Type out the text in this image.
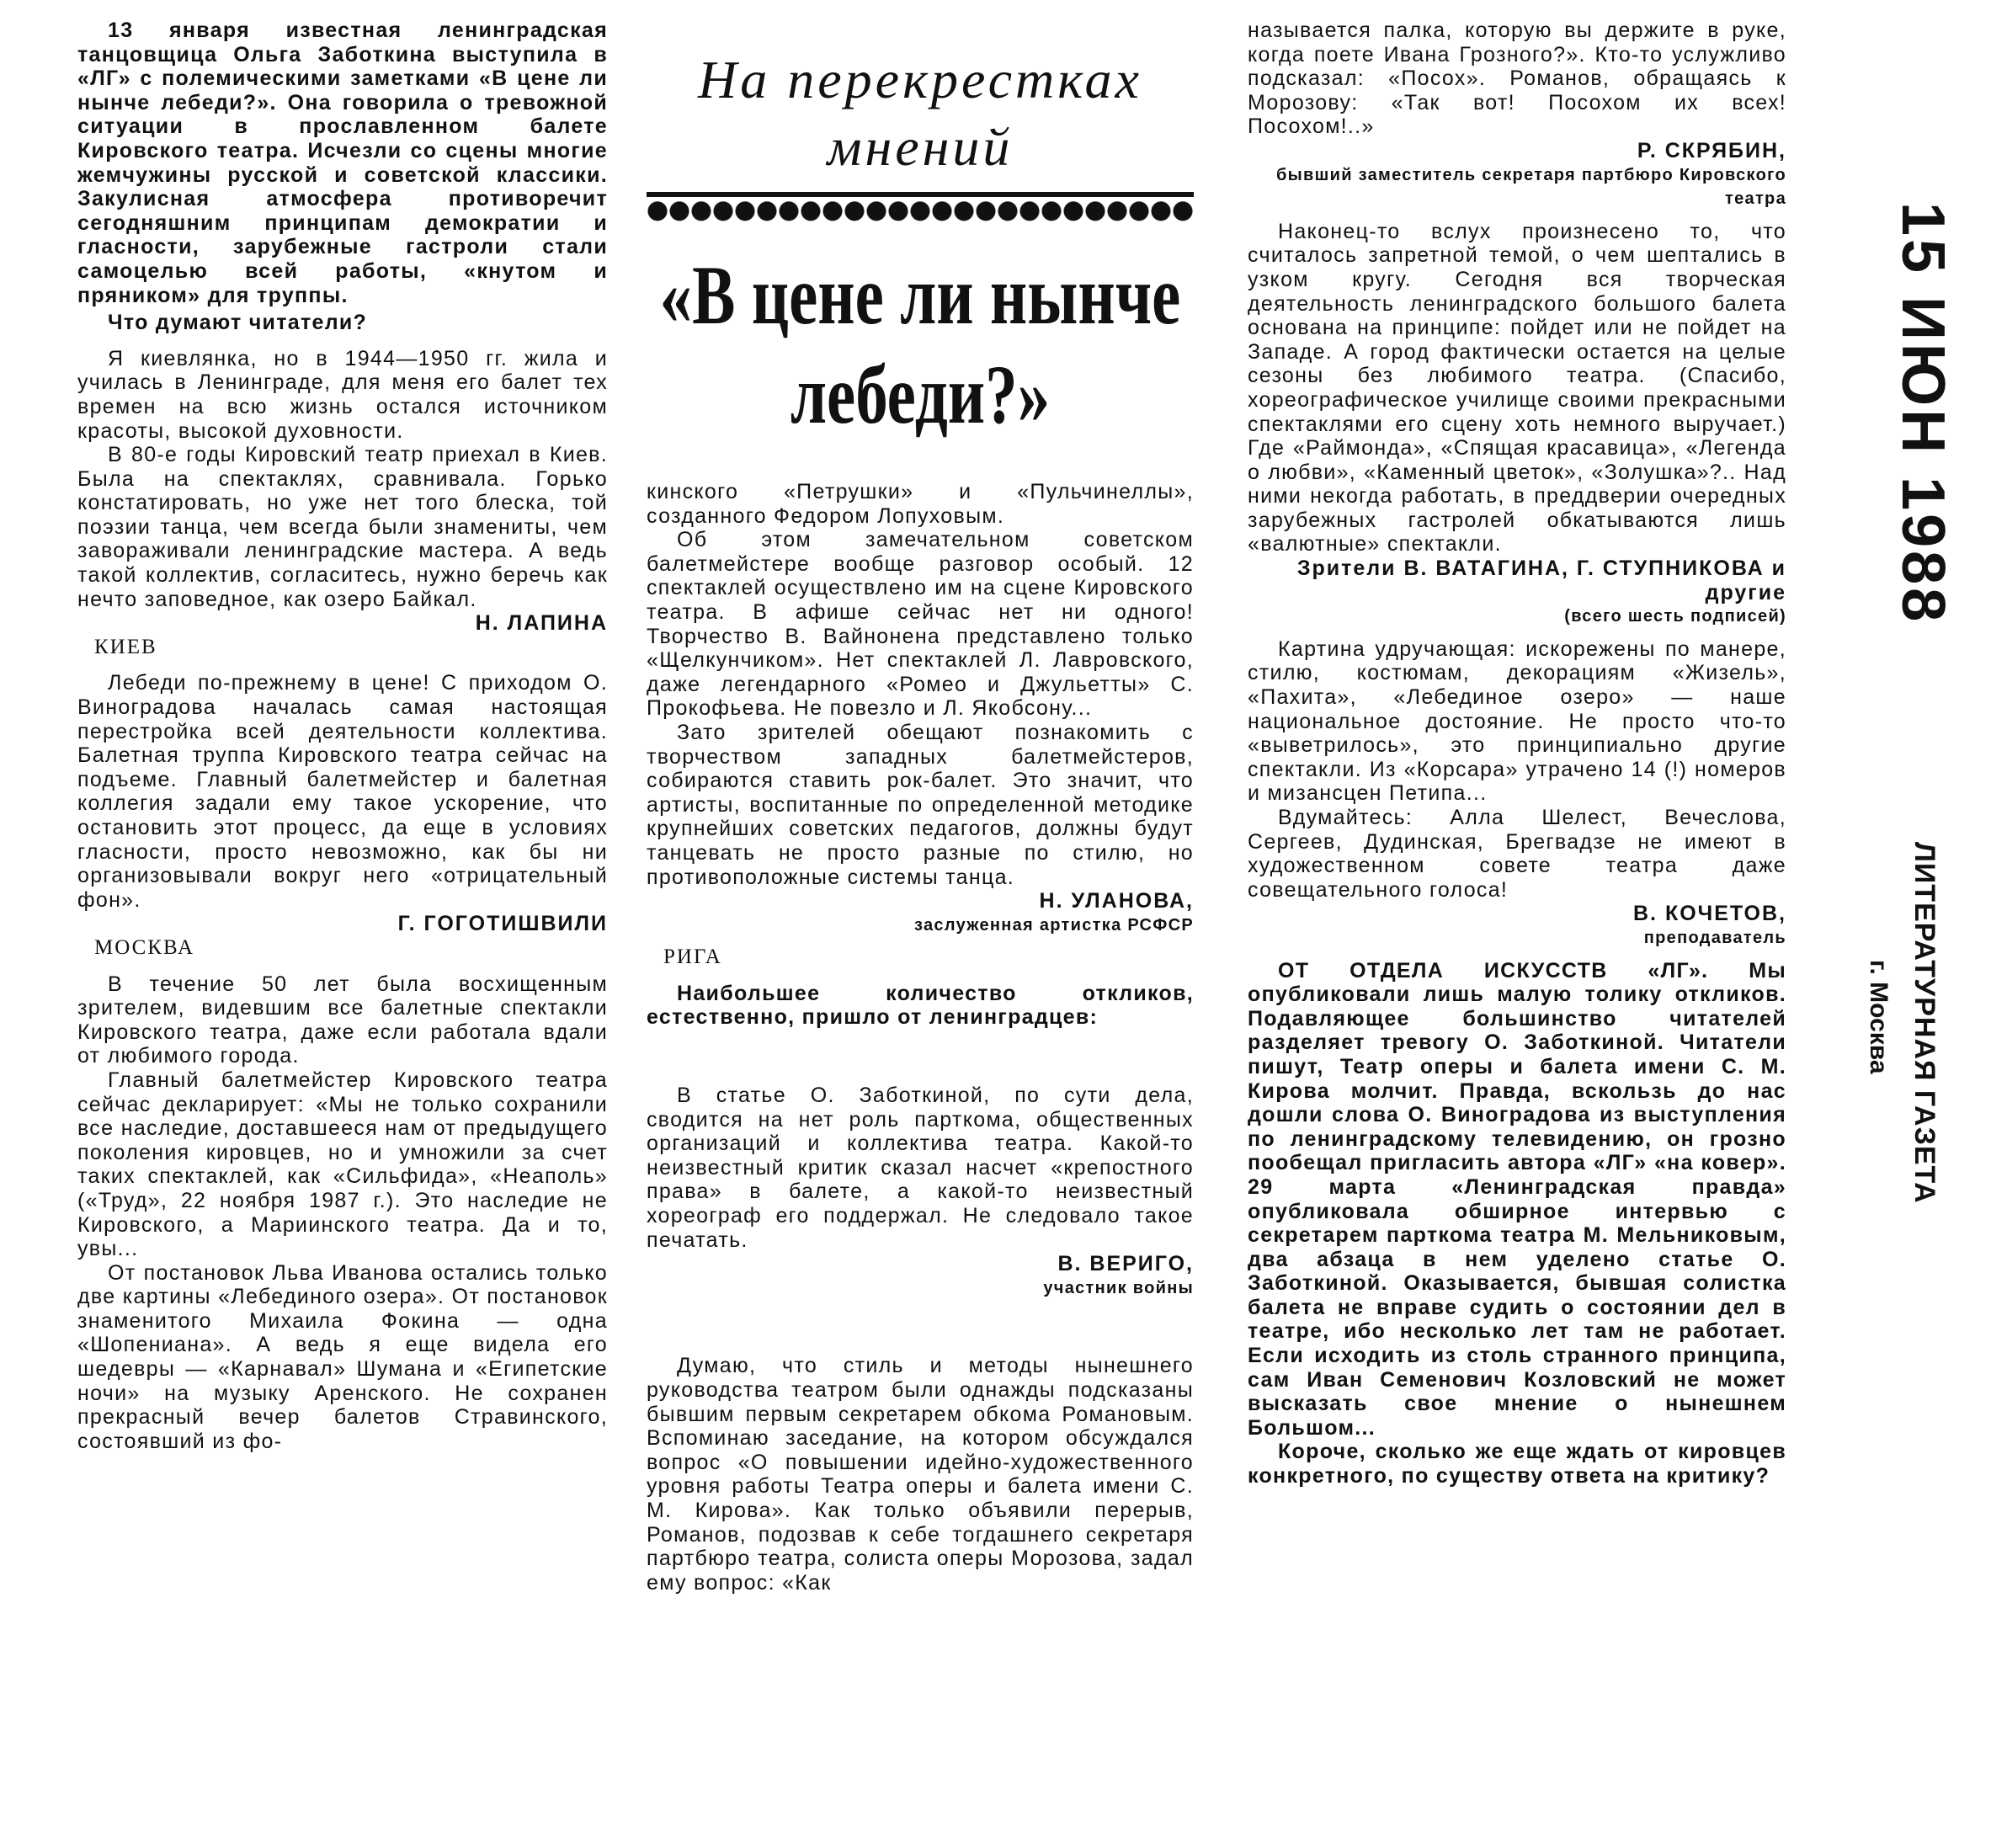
На перекрестках мнений
«В цене ли нынче лебеди?»

13 января известная ленинградская танцовщица Ольга Заботкина выступила в «ЛГ» с полемическими заметками «В цене ли нынче лебеди?». Она говорила о тревожной ситуации в прославленном балете Кировского театра. Исчезли со сцены многие жемчужины русской и советской классики. Закулисная атмосфера противоречит сегодняшним принципам демократии и гласности, зарубежные гастроли стали самоцелью всей работы, «кнутом и пряником» для труппы.

Что думают читатели?

Я киевлянка, но в 1944—1950 гг. жила и училась в Ленинграде, для меня его балет тех времен на всю жизнь остался источником красоты, высокой духовности.

В 80-е годы Кировский театр приехал в Киев. Была на спектаклях, сравнивала. Горько констатировать, но уже нет того блеска, той поэзии танца, чем всегда были знамениты, чем завораживали ленинградские мастера. А ведь такой коллектив, согласитесь, нужно беречь как нечто заповедное, как озеро Байкал.

Н. ЛАПИНА

КИЕВ

Лебеди по-прежнему в цене! С приходом О. Виноградова началась самая настоящая перестройка всей деятельности коллектива. Балетная труппа Кировского театра сейчас на подъеме. Главный балетмейстер и балетная коллегия задали ему такое ускорение, что остановить этот процесс, да еще в условиях гласности, просто невозможно, как бы ни организовывали вокруг него «отрицательный фон».

Г. ГОГОТИШВИЛИ

МОСКВА

В течение 50 лет была восхищенным зрителем, видевшим все балетные спектакли Кировского театра, даже если работала вдали от любимого города.

Главный балетмейстер Кировского театра сейчас декларирует: «Мы не только сохранили все наследие, доставшееся нам от предыдущего поколения кировцев, но и умножили за счет таких спектаклей, как «Сильфида», «Неаполь» («Труд», 22 ноября 1987 г.). Это наследие не Кировского, а Мариинского театра. Да и то, увы...

От постановок Льва Иванова остались только две картины «Лебединого озера». От постановок знаменитого Михаила Фокина — одна «Шопениана». А ведь я еще видела его шедевры — «Карнавал» Шумана и «Египетские ночи» на музыку Аренского. Не сохранен прекрасный вечер балетов Стравинского, состоявший из фо-

кинского «Петрушки» и «Пульчинеллы», созданного Федором Лопуховым.

Об этом замечательном советском балетмейстере вообще разговор особый. 12 спектаклей осуществлено им на сцене Кировского театра. В афише сейчас нет ни одного! Творчество В. Вайнонена представлено только «Щелкунчиком». Нет спектаклей Л. Лавровского, даже легендарного «Ромео и Джульетты» С. Прокофьева. Не повезло и Л. Якобсону...

Зато зрителей обещают познакомить с творчеством западных балетмейстеров, собираются ставить рок-балет. Это значит, что артисты, воспитанные по определенной методике крупнейших советских педагогов, должны будут танцевать не просто разные по стилю, но противоположные системы танца.

Н. УЛАНОВА,

заслуженная артистка РСФСР

РИГА

Наибольшее количество откликов, естественно, пришло от ленинградцев:

В статье О. Заботкиной, по сути дела, сводится на нет роль парткома, общественных организаций и коллектива театра. Какой-то неизвестный критик сказал насчет «крепостного права» в балете, а какой-то неизвестный хореограф его поддержал. Не следовало такое печатать.

В. ВЕРИГО,

участник войны

Думаю, что стиль и методы нынешнего руководства театром были однажды подсказаны бывшим первым секретарем обкома Романовым. Вспоминаю заседание, на котором обсуждался вопрос «О повышении идейно-художественного уровня работы Театра оперы и балета имени С. М. Кирова». Как только объявили перерыв, Романов, подозвав к себе тогдашнего секретаря партбюро театра, солиста оперы Морозова, задал ему вопрос: «Как

называется палка, которую вы держите в руке, когда поете Ивана Грозного?». Кто-то услужливо подсказал: «Посох». Романов, обращаясь к Морозову: «Так вот! Посохом их всех! Посохом!..»

Р. СКРЯБИН,

бывший заместитель секретаря партбюро Кировского театра

Наконец-то вслух произнесено то, что считалось запретной темой, о чем шептались в узком кругу. Сегодня вся творческая деятельность ленинградского большого балета основана на принципе: пойдет или не пойдет на Западе. А город фактически остается на целые сезоны без любимого театра. (Спасибо, хореографическое училище своими прекрасными спектаклями его сцену хоть немного выручает.) Где «Раймонда», «Спящая красавица», «Легенда о любви», «Каменный цветок», «Золушка»?.. Над ними некогда работать, в преддверии очередных зарубежных гастролей обкатываются лишь «валютные» спектакли.

Зрители В. ВАТАГИНА, Г. СТУПНИКОВА и другие

(всего шесть подписей)

Картина удручающая: искорежены по манере, стилю, костюмам, декорациям «Жизель», «Пахита», «Лебединое озеро» — наше национальное достояние. Не просто что-то «выветрилось», это принципиально другие спектакли. Из «Корсара» утрачено 14 (!) номеров и мизансцен Петипа...

Вдумайтесь: Алла Шелест, Вечеслова, Сергеев, Дудинская, Брегвадзе не имеют в художественном совете театра даже совещательного голоса!

В. КОЧЕТОВ,

преподаватель

ОТ ОТДЕЛА ИСКУССТВ «ЛГ». Мы опубликовали лишь малую толику откликов. Подавляющее большинство читателей разделяет тревогу О. Заботкиной. Читатели пишут, Театр оперы и балета имени С. М. Кирова молчит. Правда, вскользь до нас дошли слова О. Виноградова из выступления по ленинградскому телевидению, он грозно пообещал пригласить автора «ЛГ» «на ковер». 29 марта «Ленинградская правда» опубликовала обширное интервью с секретарем парткома театра М. Мельниковым, два абзаца в нем уделено статье О. Заботкиной. Оказывается, бывшая солистка балета не вправе судить о состоянии дел в театре, ибо несколько лет там не работает. Если исходить из столь странного принципа, сам Иван Семенович Козловский не может высказать свое мнение о нынешнем Большом...

Короче, сколько же еще ждать от кировцев конкретного, по существу ответа на критику?

15 ИЮН 1988
ЛИТЕРАТУРНАЯ ГАЗЕТА
г. Москва
